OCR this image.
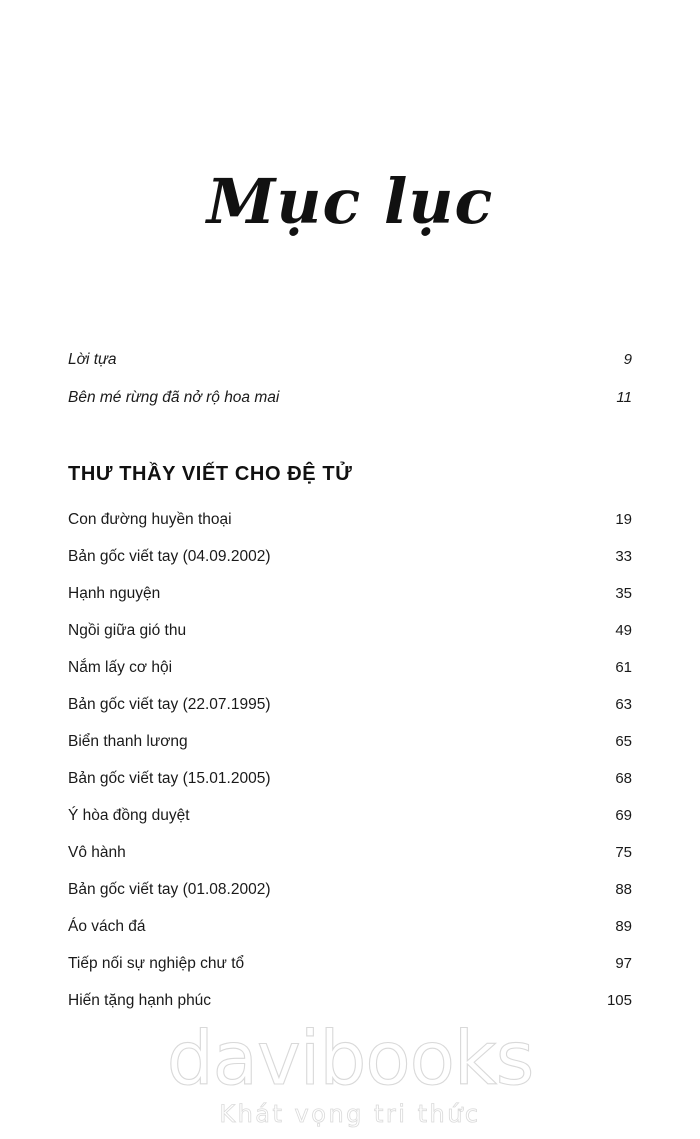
Mục lục
Lời tựa	9
Bên mé rừng đã nở rộ hoa mai	11
THƯ THẦY VIẾT CHO ĐỆ TỬ
Con đường huyền thoại	19
Bản gốc viết tay (04.09.2002)	33
Hạnh nguyện	35
Ngồi giữa gió thu	49
Nắm lấy cơ hội	61
Bản gốc viết tay (22.07.1995)	63
Biển thanh lương	65
Bản gốc viết tay (15.01.2005)	68
Ý hòa đồng duyệt	69
Vô hành	75
Bản gốc viết tay (01.08.2002)	88
Áo vách đá	89
Tiếp nối sự nghiệp chư tổ	97
Hiến tặng hạnh phúc	105
davibooks
Khát vọng tri thức
